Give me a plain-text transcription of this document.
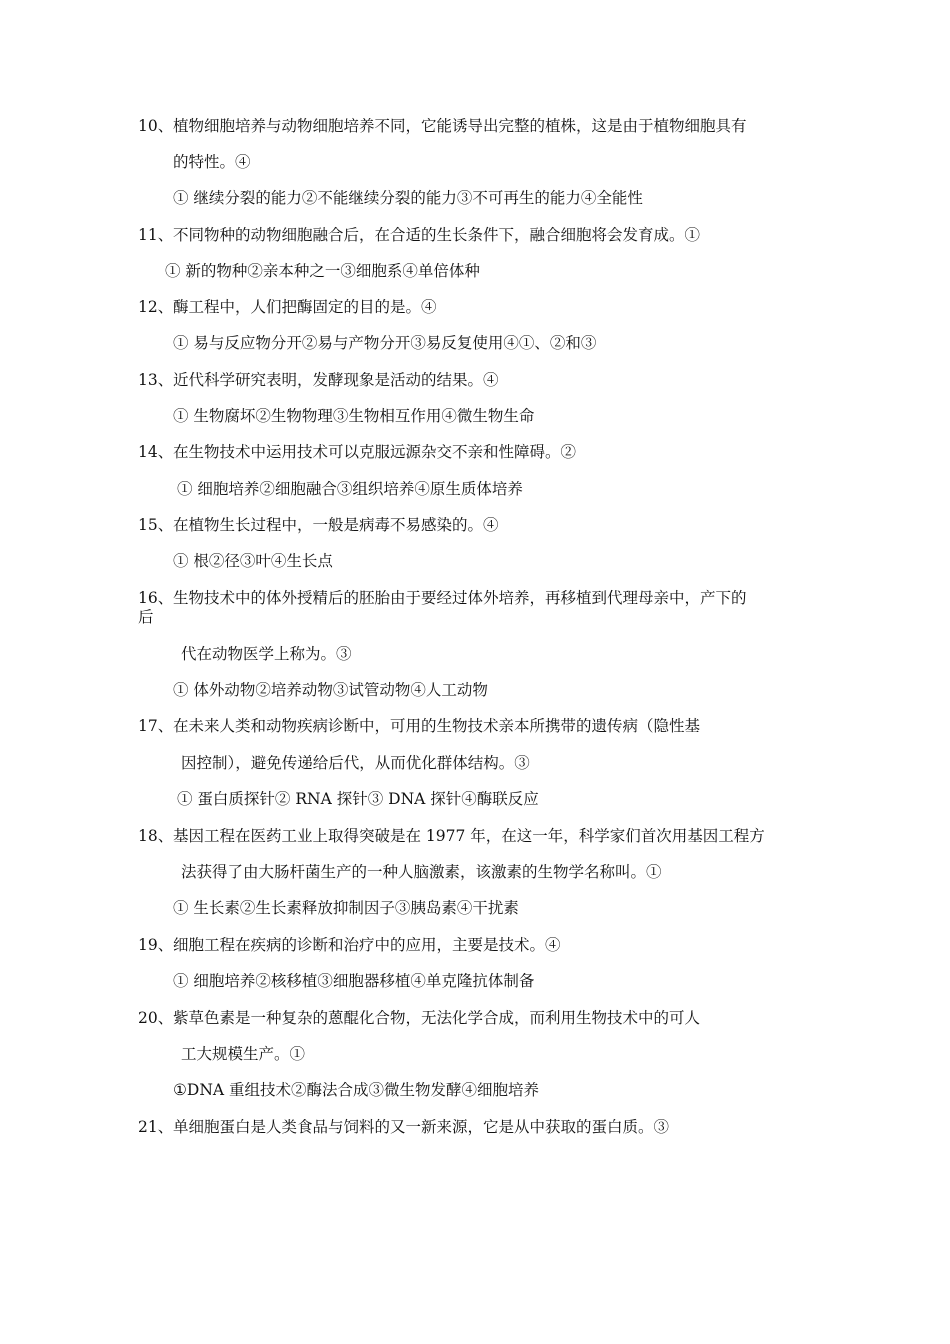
10、植物细胞培养与动物细胞培养不同，它能诱导出完整的植株，这是由于植物细胞具有
的特性。④
① 继续分裂的能力②不能继续分裂的能力③不可再生的能力④全能性
11、不同物种的动物细胞融合后，在合适的生长条件下，融合细胞将会发育成。①
① 新的物种②亲本种之一③细胞系④单倍体种
12、酶工程中，人们把酶固定的目的是。④
① 易与反应物分开②易与产物分开③易反复使用④①、②和③
13、近代科学研究表明，发酵现象是活动的结果。④
① 生物腐坏②生物物理③生物相互作用④微生物生命
14、在生物技术中运用技术可以克服远源杂交不亲和性障碍。②
① 细胞培养②细胞融合③组织培养④原生质体培养
15、在植物生长过程中，一般是病毒不易感染的。④
① 根②径③叶④生长点
16、生物技术中的体外授精后的胚胎由于要经过体外培养，再移植到代理母亲中，产下的
后
代在动物医学上称为。③
① 体外动物②培养动物③试管动物④人工动物
17、在未来人类和动物疾病诊断中，可用的生物技术亲本所携带的遗传病（隐性基
因控制），避免传递给后代，从而优化群体结构。③
① 蛋白质探针② RNA 探针③ DNA 探针④酶联反应
18、基因工程在医药工业上取得突破是在 1977 年，在这一年，科学家们首次用基因工程方
法获得了由大肠杆菌生产的一种人脑激素，该激素的生物学名称叫。①
① 生长素②生长素释放抑制因子③胰岛素④干扰素
19、细胞工程在疾病的诊断和治疗中的应用，主要是技术。④
① 细胞培养②核移植③细胞器移植④单克隆抗体制备
20、紫草色素是一种复杂的蒽醌化合物，无法化学合成，而利用生物技术中的可人
工大规模生产。①
①DNA 重组技术②酶法合成③微生物发酵④细胞培养
21、单细胞蛋白是人类食品与饲料的又一新来源，它是从中获取的蛋白质。③
